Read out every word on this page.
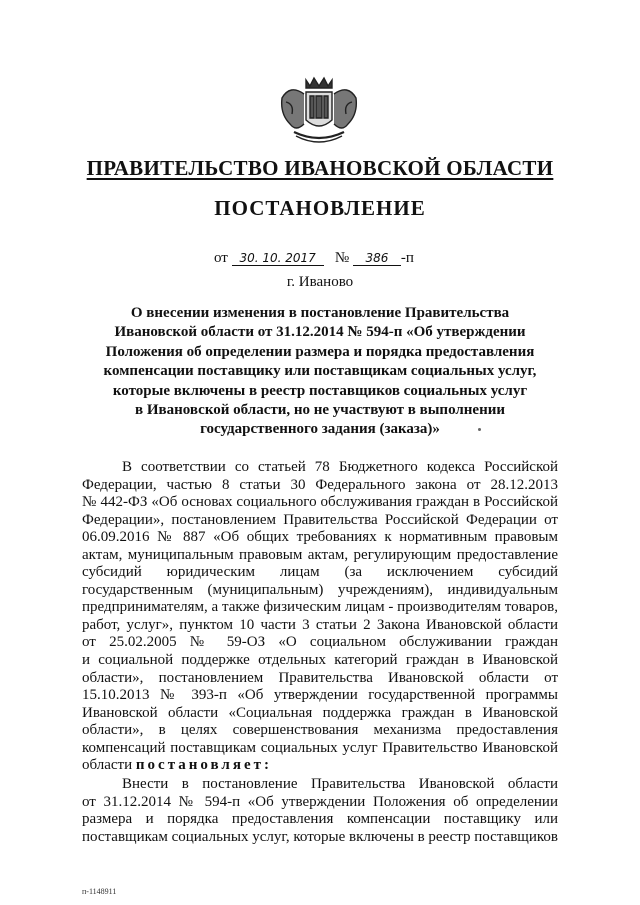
ПРАВИТЕЛЬСТВО ИВАНОВСКОЙ ОБЛАСТИ
ПОСТАНОВЛЕНИЕ
от 30. 10. 2017 № 386 -п
г. Иваново
О внесении изменения в постановление Правительства
Ивановской области от 31.12.2014 № 594-п «Об утверждении
Положения об определении размера и порядка предоставления
компенсации поставщику или поставщикам социальных услуг,
которые включены в реестр поставщиков социальных услуг
в Ивановской области, но не участвуют в выполнении
государственного задания (заказа)»
В соответствии со статьей 78 Бюджетного кодекса Российской
Федерации, частью 8 статьи 30 Федерального закона от 28.12.2013
№ 442-ФЗ «Об основах социального обслуживания граждан в Российской
Федерации», постановлением Правительства Российской Федерации от
06.09.2016 № 887 «Об общих требованиях к нормативным правовым
актам, муниципальным правовым актам, регулирующим предоставление
субсидий юридическим лицам (за исключением субсидий
государственным (муниципальным) учреждениям), индивидуальным
предпринимателям, а также физическим лицам - производителям товаров,
работ, услуг», пунктом 10 части 3 статьи 2 Закона Ивановской области
от 25.02.2005 № 59-ОЗ «О социальном обслуживании граждан
и социальной поддержке отдельных категорий граждан в Ивановской
области», постановлением Правительства Ивановской области от
15.10.2013 № 393-п «Об утверждении государственной программы
Ивановской области «Социальная поддержка граждан в Ивановской
области», в целях совершенствования механизма предоставления
компенсаций поставщикам социальных услуг Правительство Ивановской
области постановляет:
Внести в постановление Правительства Ивановской области
от 31.12.2014 № 594-п «Об утверждении Положения об определении
размера и порядка предоставления компенсации поставщику или
поставщикам социальных услуг, которые включены в реестр поставщиков
п-1148911
